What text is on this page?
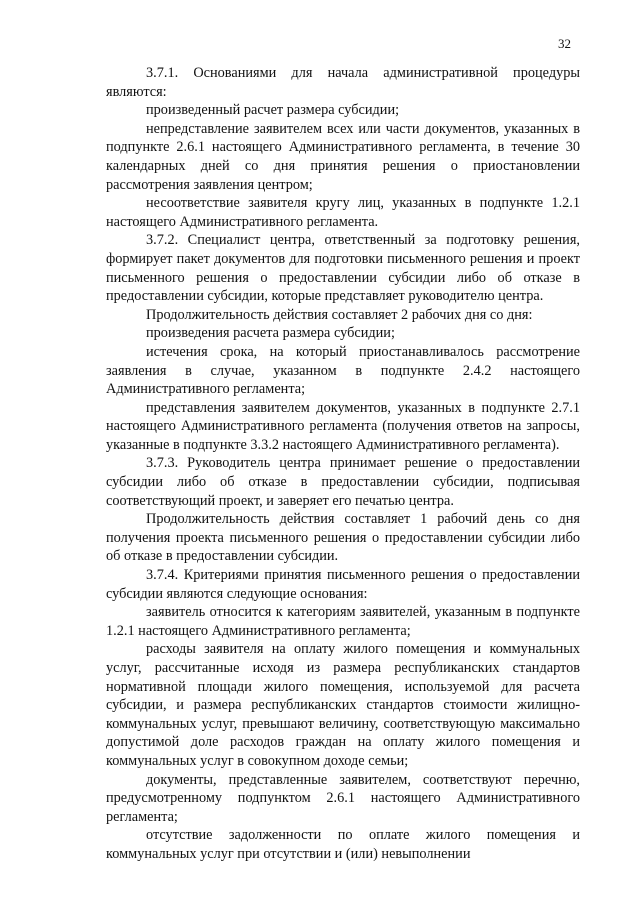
32

3.7.1. Основаниями для начала административной процедуры являются:

произведенный расчет размера субсидии;

непредставление заявителем всех или части документов, указанных в подпункте 2.6.1 настоящего Административного регламента, в течение 30 календарных дней со дня принятия решения о приостановлении рассмотрения заявления центром;

несоответствие заявителя кругу лиц, указанных в подпункте 1.2.1 настоящего Административного регламента.

3.7.2. Специалист центра, ответственный за подготовку решения, формирует пакет документов для подготовки письменного решения и проект письменного решения о предоставлении субсидии либо об отказе в предоставлении субсидии, которые представляет руководителю центра.

Продолжительность действия составляет 2 рабочих дня со дня:

произведения расчета размера субсидии;

истечения срока, на который приостанавливалось рассмотрение заявления в случае, указанном в подпункте 2.4.2 настоящего Административного регламента;

представления заявителем документов, указанных в подпункте 2.7.1 настоящего Административного регламента (получения ответов на запросы, указанные в подпункте 3.3.2 настоящего Административного регламента).

3.7.3. Руководитель центра принимает решение о предоставлении субсидии либо об отказе в предоставлении субсидии, подписывая соответствующий проект, и заверяет его печатью центра.

Продолжительность действия составляет 1 рабочий день со дня получения проекта письменного решения о предоставлении субсидии либо об отказе в предоставлении субсидии.

3.7.4. Критериями принятия письменного решения о предоставлении субсидии являются следующие основания:

заявитель относится к категориям заявителей, указанным в подпункте 1.2.1 настоящего Административного регламента;

расходы заявителя на оплату жилого помещения и коммунальных услуг, рассчитанные исходя из размера республиканских стандартов нормативной площади жилого помещения, используемой для расчета субсидии, и размера республиканских стандартов стоимости жилищно-коммунальных услуг, превышают величину, соответствующую максимально допустимой доле расходов граждан на оплату жилого помещения и коммунальных услуг в совокупном доходе семьи;

документы, представленные заявителем, соответствуют перечню, предусмотренному подпунктом 2.6.1 настоящего Административного регламента;

отсутствие задолженности по оплате жилого помещения и коммунальных услуг при отсутствии и (или) невыполнении
